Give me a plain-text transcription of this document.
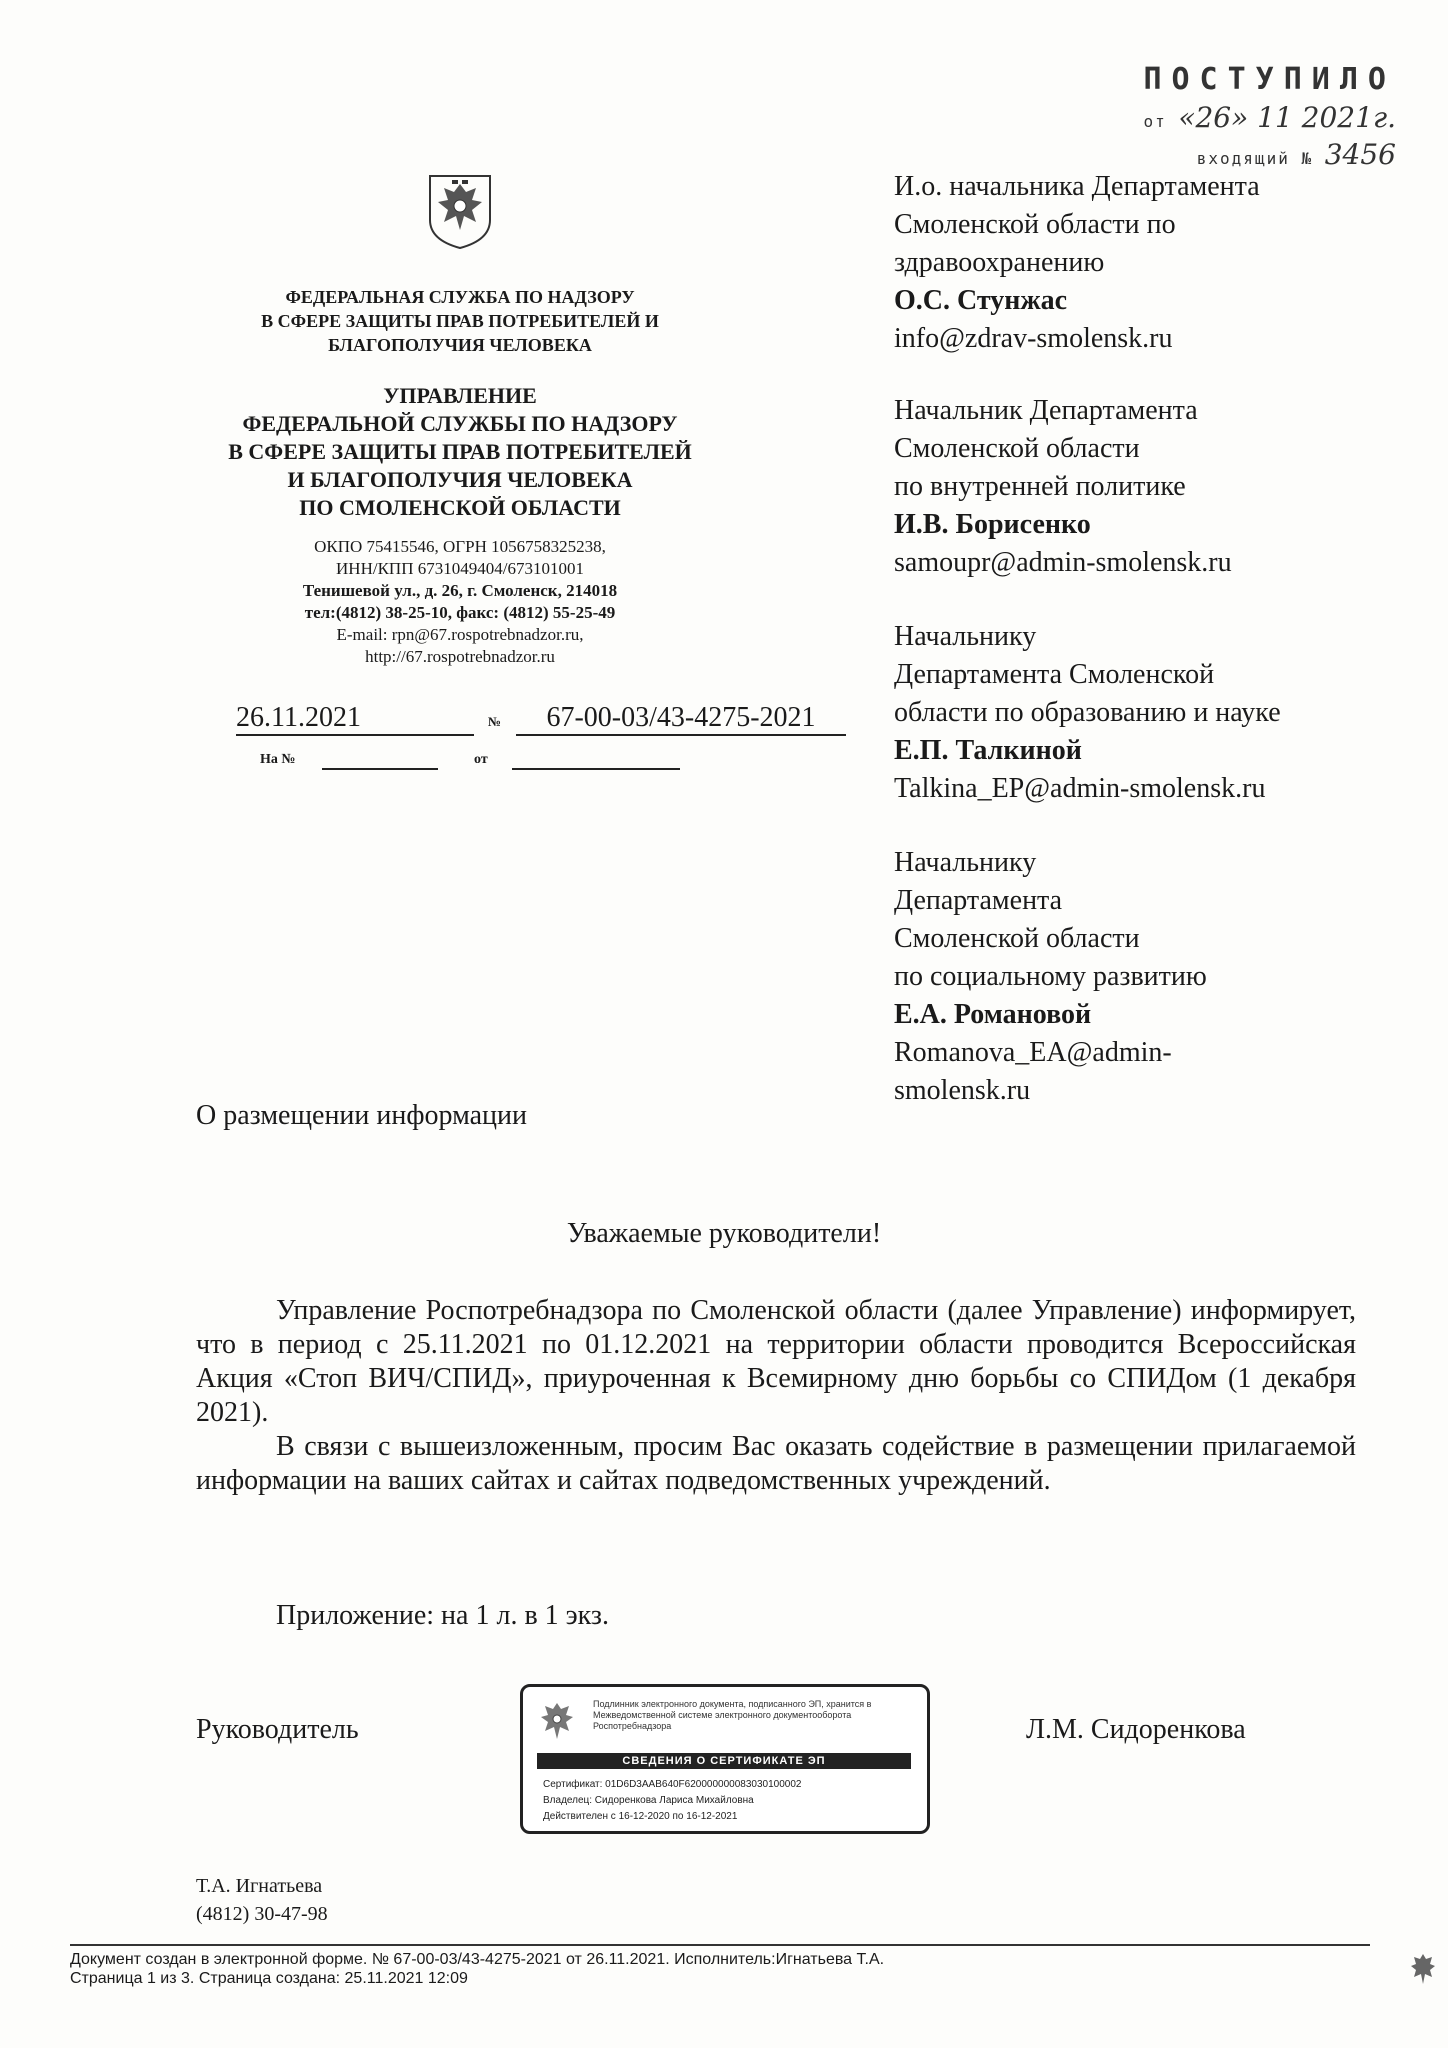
ПОСТУПИЛО
от «26» 11 2021г.
входящий № 3456
ФЕДЕРАЛЬНАЯ СЛУЖБА ПО НАДЗОРУ
В СФЕРЕ ЗАЩИТЫ ПРАВ ПОТРЕБИТЕЛЕЙ И
БЛАГОПОЛУЧИЯ ЧЕЛОВЕКА
УПРАВЛЕНИЕ
ФЕДЕРАЛЬНОЙ СЛУЖБЫ ПО НАДЗОРУ
В СФЕРЕ ЗАЩИТЫ ПРАВ ПОТРЕБИТЕЛЕЙ
И БЛАГОПОЛУЧИЯ ЧЕЛОВЕКА
ПО СМОЛЕНСКОЙ ОБЛАСТИ
ОКПО 75415546, ОГРН 1056758325238,
ИНН/КПП 6731049404/673101001
Тенишевой ул., д. 26, г. Смоленск, 214018
тел:(4812) 38-25-10, факс: (4812) 55-25-49
E-mail: rpn@67.rospotrebnadzor.ru,
http://67.rospotrebnadzor.ru
26.11.2021	№	67-00-03/43-4275-2021
На №	от
И.о. начальника Департамента
Смоленской области по
здравоохранению
О.С. Стунжас
info@zdrav-smolensk.ru
Начальник Департамента
Смоленской области
по внутренней политике
И.В. Борисенко
samoupr@admin-smolensk.ru
Начальнику
Департамента Смоленской
области по образованию и науке
Е.П. Талкиной
Talkina_EP@admin-smolensk.ru
Начальнику
Департамента
Смоленской области
по социальному развитию
Е.А. Романовой
Romanova_EA@admin-
smolensk.ru
О размещении информации
Уважаемые руководители!

Управление Роспотребнадзора по Смоленской области (далее Управление) информирует, что в период с 25.11.2021 по 01.12.2021 на территории области проводится Всероссийская Акция «Стоп ВИЧ/СПИД», приуроченная к Всемирному дню борьбы со СПИДом (1 декабря 2021).

В связи с вышеизложенным, просим Вас оказать содействие в размещении прилагаемой информации на ваших сайтах и сайтах подведомственных учреждений.

Приложение: на 1 л. в 1 экз.
Руководитель
Подлинник электронного документа, подписанного ЭП, хранится в Межведомственной системе электронного документооборота Роспотребнадзора
СВЕДЕНИЯ О СЕРТИФИКАТЕ ЭП
Сертификат: 01D6D3AAB640F620000000083030100002
Владелец: Сидоренкова Лариса Михайловна
Действителен с 16-12-2020 по 16-12-2021
Л.М. Сидоренкова
Т.А. Игнатьева
(4812) 30-47-98
Документ создан в электронной форме. № 67-00-03/43-4275-2021 от 26.11.2021. Исполнитель:Игнатьева Т.А.
Страница 1 из 3. Страница создана: 25.11.2021 12:09
